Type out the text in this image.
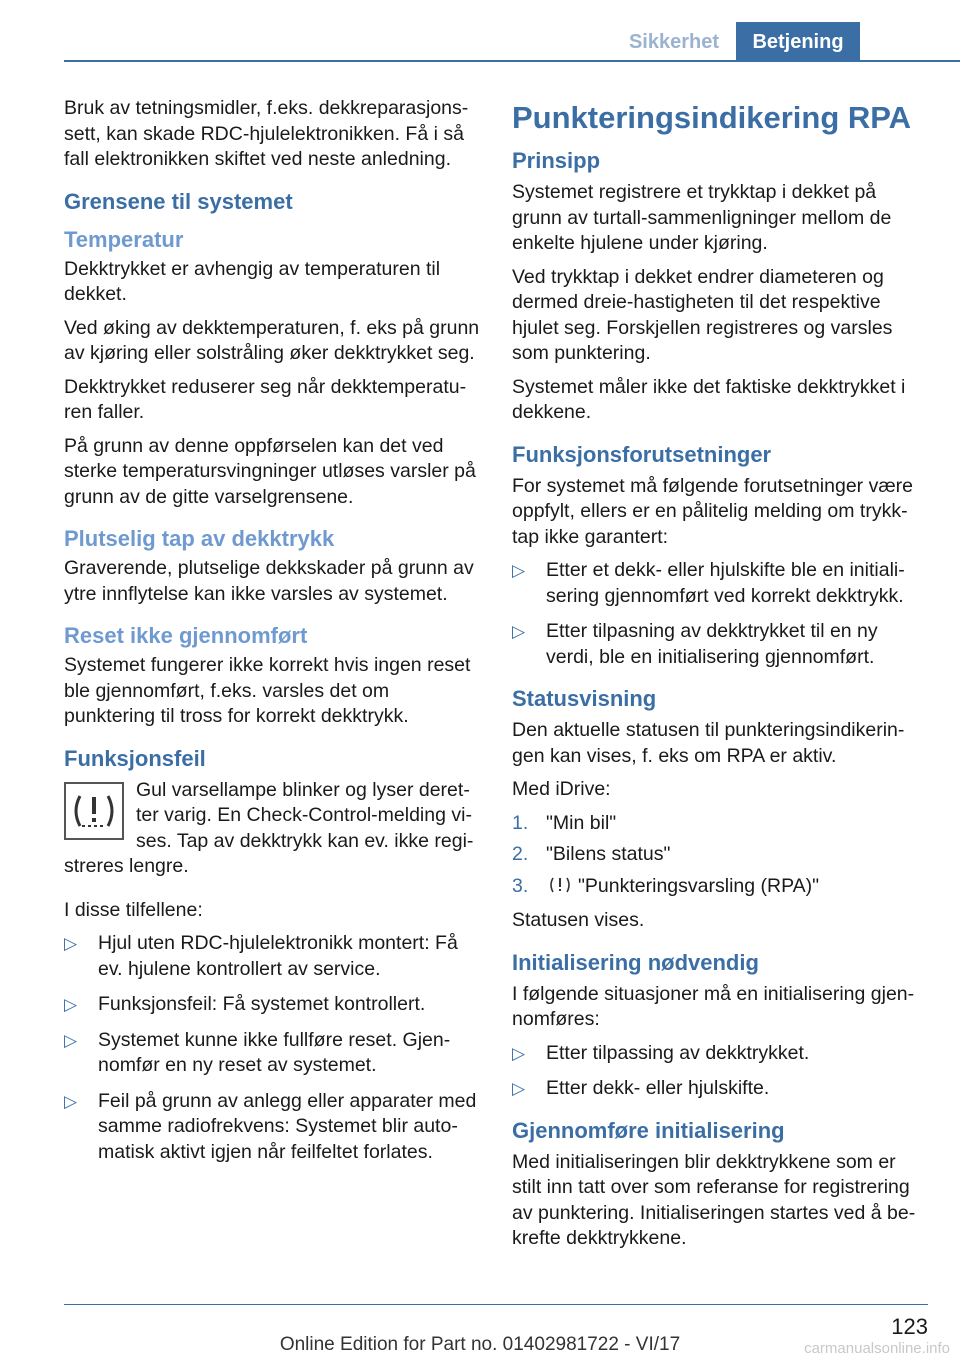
Sikkerhet	Betjening

Bruk av tetningsmidler, f.eks. dekkreparasjonssett, kan skade RDC-hjulelektronikken. Få i så fall elektronikken skiftet ved neste anledning.

Grensene til systemet
Temperatur

Dekktrykket er avhengig av temperaturen til dekket.

Ved øking av dekktemperaturen, f. eks på grunn av kjøring eller solstråling øker dekktrykket seg.

Dekktrykket reduserer seg når dekktemperaturen faller.

På grunn av denne oppførselen kan det ved sterke temperatursvingninger utløses varsler på grunn av de gitte varselgrensene.

Plutselig tap av dekktrykk

Graverende, plutselige dekkskader på grunn av ytre innflytelse kan ikke varsles av systemet.

Reset ikke gjennomført

Systemet fungerer ikke korrekt hvis ingen reset ble gjennomført, f.eks. varsles det om punktering til tross for korrekt dekktrykk.

Funksjonsfeil

Gul varsellampe blinker og lyser deretter varig. En Check-Control-melding vises. Tap av dekktrykk kan ev. ikke registreres lengre.

I disse tilfellene:

▷ Hjul uten RDC-hjulelektronikk montert: Få ev. hjulene kontrollert av service.
▷ Funksjonsfeil: Få systemet kontrollert.
▷ Systemet kunne ikke fullføre reset. Gjennomfør en ny reset av systemet.
▷ Feil på grunn av anlegg eller apparater med samme radiofrekvens: Systemet blir automatisk aktivt igjen når feilfeltet forlates.
Punkteringsindikering RPA
Prinsipp

Systemet registrere et trykktap i dekket på grunn av turtall-sammenligninger mellom de enkelte hjulene under kjøring.

Ved trykktap i dekket endrer diameteren og dermed dreie-hastigheten til det respektive hjulet seg. Forskjellen registreres og varsles som punktering.

Systemet måler ikke det faktiske dekktrykket i dekkene.

Funksjonsforutsetninger

For systemet må følgende forutsetninger være oppfylt, ellers er en pålitelig melding om trykktap ikke garantert:

▷ Etter et dekk- eller hjulskifte ble en initialisering gjennomført ved korrekt dekktrykk.
▷ Etter tilpasning av dekktrykket til en ny verdi, ble en initialisering gjennomført.
Statusvisning

Den aktuelle statusen til punkteringsindikeringen kan vises, f. eks om RPA er aktiv.

Med iDrive:

1. "Min bil"
2. "Bilens status"
3.	"Punkteringsvarsling (RPA)"

Statusen vises.

Initialisering nødvendig

I følgende situasjoner må en initialisering gjennomføres:

▷ Etter tilpassing av dekktrykket.
▷ Etter dekk- eller hjulskifte.
Gjennomføre initialisering

Med initialiseringen blir dekktrykkene som er stilt inn tatt over som referanse for registrering av punktering. Initialiseringen startes ved å bekrefte dekktrykkene.

123
Online Edition for Part no. 01402981722 - VI/17	carmanualsonline.info
